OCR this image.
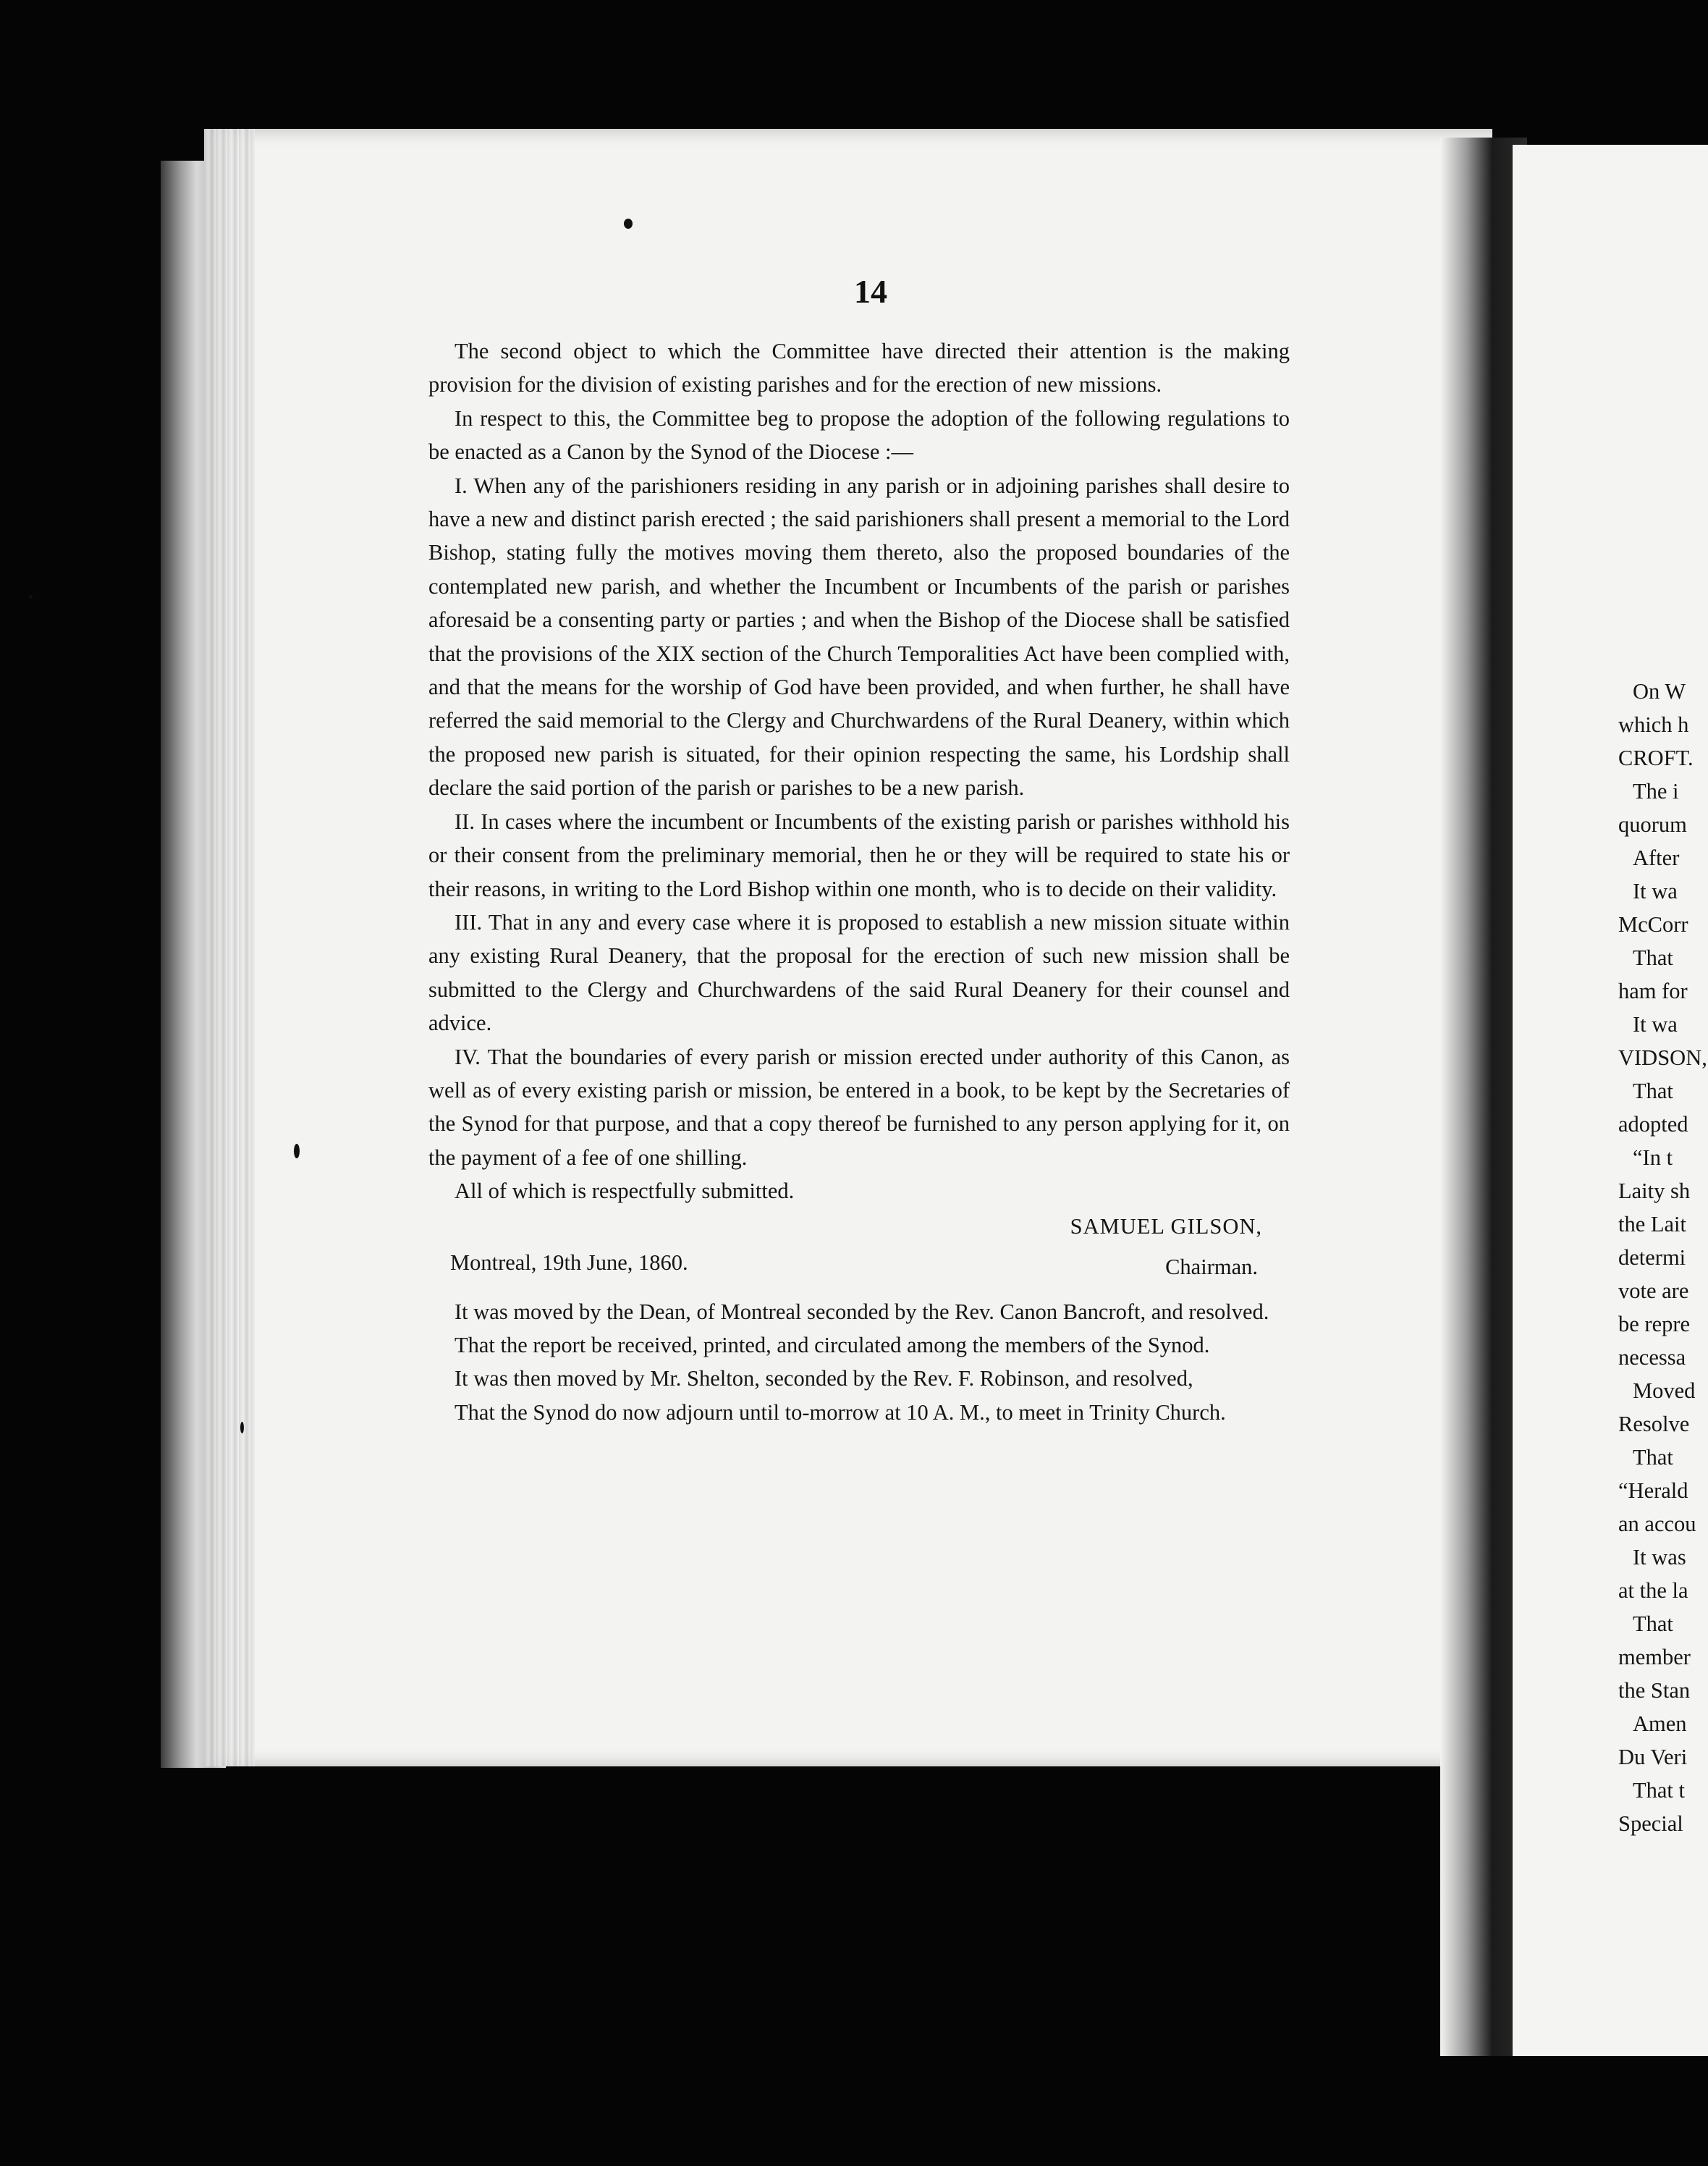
14

The second object to which the Committee have directed their attention is the making provision for the division of existing parishes and for the erection of new missions.

In respect to this, the Committee beg to propose the adoption of the following regulations to be enacted as a Canon by the Synod of the Diocese :—

I. When any of the parishioners residing in any parish or in adjoining parishes shall desire to have a new and distinct parish erected ; the said parishioners shall present a memorial to the Lord Bishop, stating fully the motives moving them thereto, also the proposed boundaries of the contemplated new parish, and whether the Incumbent or Incumbents of the parish or parishes aforesaid be a consenting party or parties ; and when the Bishop of the Diocese shall be satisfied that the provisions of the XIX section of the Church Temporalities Act have been complied with, and that the means for the worship of God have been provided, and when further, he shall have referred the said memorial to the Clergy and Churchwardens of the Rural Deanery, within which the proposed new parish is situated, for their opinion respecting the same, his Lordship shall declare the said portion of the parish or parishes to be a new parish.

II. In cases where the incumbent or Incumbents of the existing parish or parishes withhold his or their consent from the preliminary memorial, then he or they will be required to state his or their reasons, in writing to the Lord Bishop within one month, who is to decide on their validity.

III. That in any and every case where it is proposed to establish a new mission situate within any existing Rural Deanery, that the proposal for the erection of such new mission shall be submitted to the Clergy and Churchwardens of the said Rural Deanery for their counsel and advice.

IV. That the boundaries of every parish or mission erected under authority of this Canon, as well as of every existing parish or mission, be entered in a book, to be kept by the Secretaries of the Synod for that purpose, and that a copy thereof be furnished to any person applying for it, on the payment of a fee of one shilling.

All of which is respectfully submitted.

Montreal, 19th June, 1860.
SAMUEL GILSON,
Chairman.

It was moved by the Dean, of Montreal seconded by the Rev. Canon Bancroft, and resolved.

That the report be received, printed, and circulated among the members of the Synod.

It was then moved by Mr. Shelton, seconded by the Rev. F. Robinson, and resolved,

That the Synod do now adjourn until to-morrow at 10 A. M., to meet in Trinity Church.

On W
which h
CROFT.
The i
quorum
After
It wa
McCorr
That
ham for
It wa
VIDSON,
That
adopted
“In t
Laity sh
the Lait
determi
vote are
be repre
necessa
Moved
Resolve
That
“Herald
an accou
It was
at the la
That
member
the Stan
Amen
Du Veri
That t
Special
